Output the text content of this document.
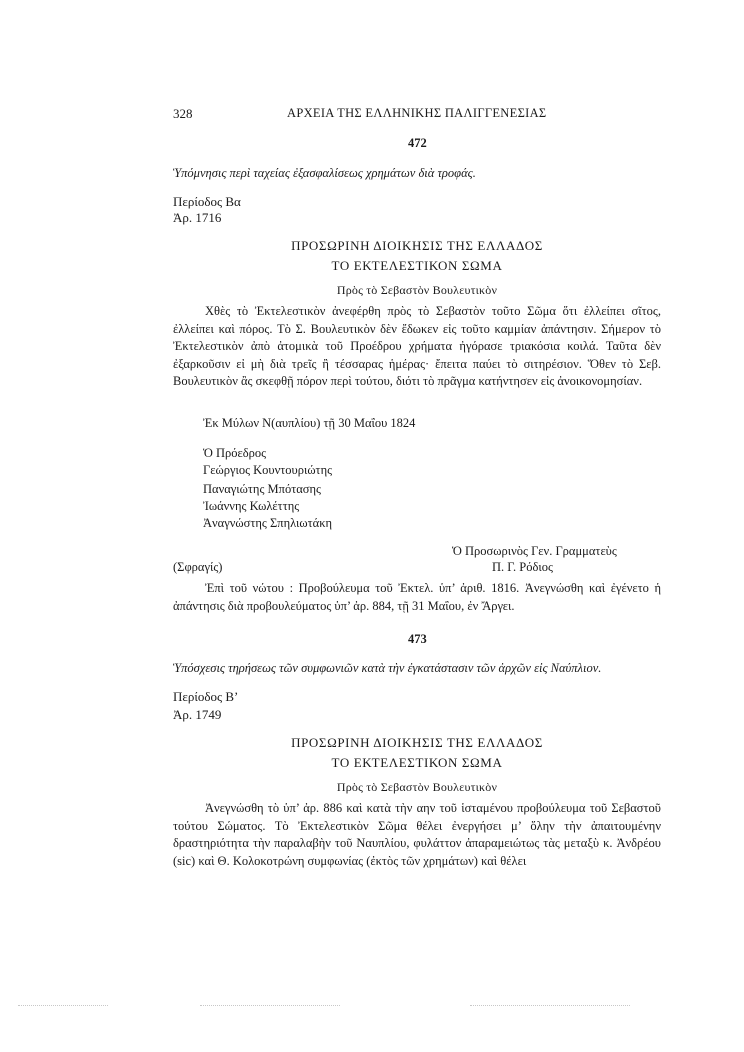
328	ΑΡΧΕΙΑ ΤΗΣ ΕΛΛΗΝΙΚΗΣ ΠΑΛΙΓΓΕΝΕΣΙΑΣ
472
Ὑπόμνησις περὶ ταχείας ἐξασφαλίσεως χρημάτων διὰ τροφάς.
Περίοδος Βα
Ἀρ. 1716
ΠΡΟΣΩΡΙΝΗ ΔΙΟΙΚΗΣΙΣ ΤΗΣ ΕΛΛΑΔΟΣ
ΤΟ ΕΚΤΕΛΕΣΤΙΚΟΝ ΣΩΜΑ
Πρὸς τὸ Σεβαστὸν Βουλευτικὸν
Χθὲς τὸ Ἐκτελεστικὸν ἀνεφέρθη πρὸς τὸ Σεβαστὸν τοῦτο Σῶμα ὅτι ἐλλείπει σῖτος, ἐλλείπει καὶ πόρος. Τὸ Σ. Βουλευτικὸν δὲν ἔδωκεν εἰς τοῦτο καμμίαν ἀπάντησιν. Σήμερον τὸ Ἐκτελεστικὸν ἀπὸ ἀτομικὰ τοῦ Προέδρου χρήματα ἠγόρασε τριακόσια κοιλά. Ταῦτα δὲν ἐξαρκοῦσιν εἰ μὴ διὰ τρεῖς ἢ τέσσαρας ἡμέρας· ἔπειτα παύει τὸ σιτηρέσιον. Ὅθεν τὸ Σεβ. Βουλευτικὸν ἂς σκεφθῇ πόρον περὶ τούτου, διότι τὸ πρᾶγμα κατήντησεν εἰς ἀνοικονομησίαν.
Ἐκ Μύλων Ν(αυπλίου) τῇ 30 Μαΐου 1824
Ὁ Πρόεδρος
Γεώργιος Κουντουριώτης
Παναγιώτης Μπότασης
Ἰωάννης Κωλέττης
Ἀναγνώστης Σπηλιωτάκη
Ὁ Προσωρινὸς Γεν. Γραμματεὺς
(Σφραγίς)	Π. Γ. Ρόδιος
Ἐπὶ τοῦ νώτου : Προβούλευμα τοῦ Ἐκτελ. ὑπ’ ἀριθ. 1816. Ἀνεγνώσθη καὶ ἐγένετο ἡ ἀπάντησις διὰ προβουλεύματος ὑπ’ ἀρ. 884, τῇ 31 Μαΐου, ἐν Ἄργει.
473
Ὑπόσχεσις τηρήσεως τῶν συμφωνιῶν κατὰ τὴν ἐγκατάστασιν τῶν ἀρχῶν εἰς Ναύπλιον.
Περίοδος Β’
Ἀρ. 1749
ΠΡΟΣΩΡΙΝΗ ΔΙΟΙΚΗΣΙΣ ΤΗΣ ΕΛΛΑΔΟΣ
ΤΟ ΕΚΤΕΛΕΣΤΙΚΟΝ ΣΩΜΑ
Πρὸς τὸ Σεβαστὸν Βουλευτικὸν
Ἀνεγνώσθη τὸ ὑπ’ ἀρ. 886 καὶ κατὰ τὴν αην τοῦ ἱσταμένου προβούλευμα τοῦ Σεβαστοῦ τούτου Σώματος. Τὸ Ἐκτελεστικὸν Σῶμα θέλει ἐνεργήσει μ’ ὅλην τὴν ἀπαιτουμένην δραστηριότητα τὴν παραλαβὴν τοῦ Ναυπλίου, φυλάττον ἀπαραμειώτως τὰς μεταξὺ κ. Ἀνδρέου (sic) καὶ Θ. Κολοκοτρώνη συμφωνίας (ἐκτὸς τῶν χρημάτων) καὶ θέλει
